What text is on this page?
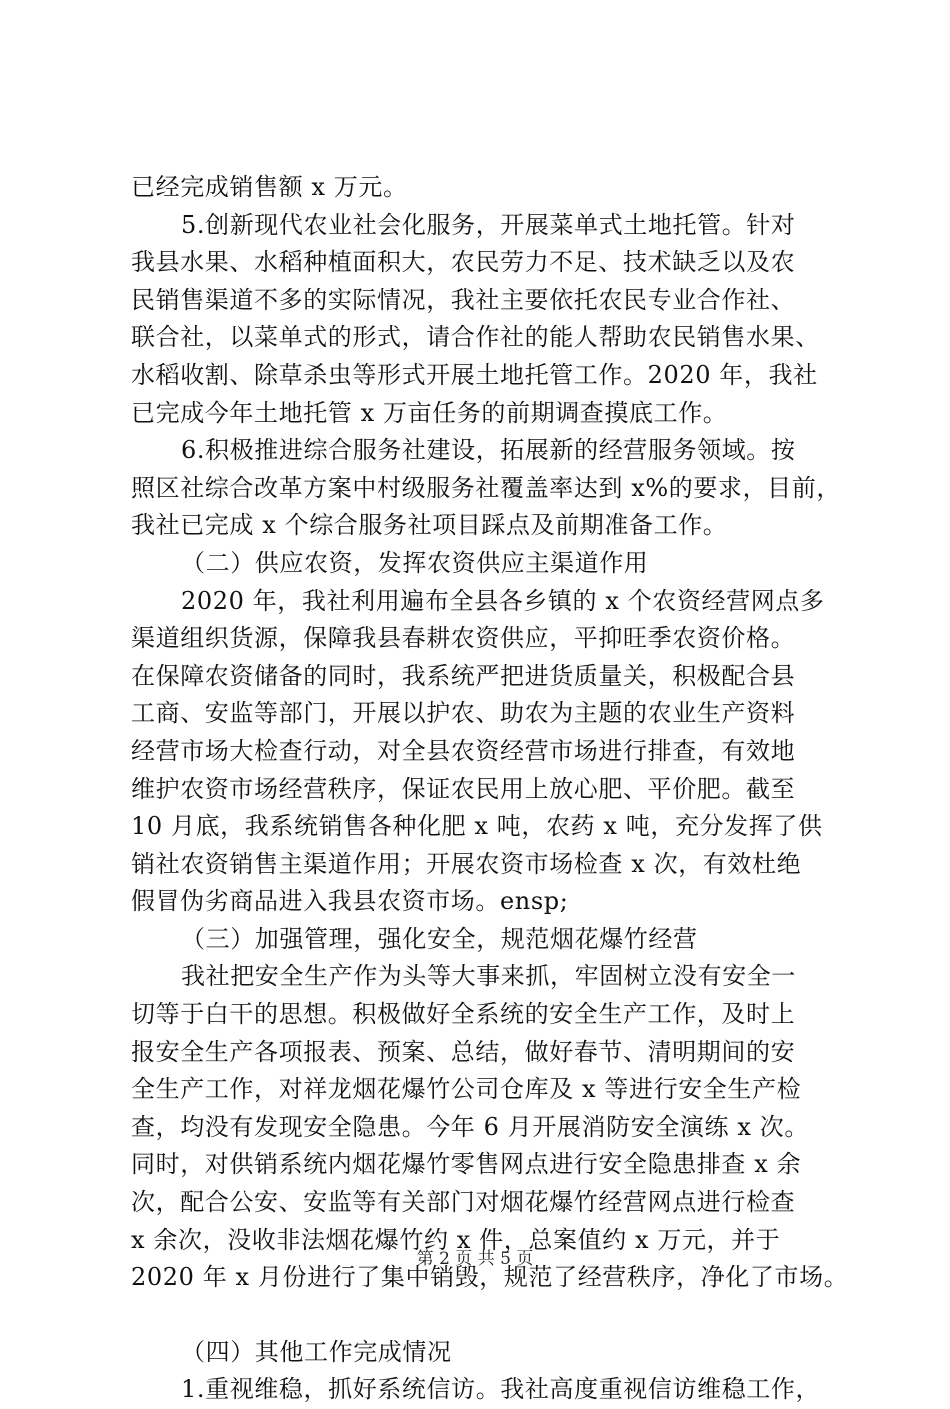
已经完成销售额 x 万元。
5.创新现代农业社会化服务，开展菜单式土地托管。针对
我县水果、水稻种植面积大，农民劳力不足、技术缺乏以及农
民销售渠道不多的实际情况，我社主要依托农民专业合作社、
联合社，以菜单式的形式，请合作社的能人帮助农民销售水果、
水稻收割、除草杀虫等形式开展土地托管工作。2020 年，我社
已完成今年土地托管 x 万亩任务的前期调查摸底工作。
6.积极推进综合服务社建设，拓展新的经营服务领域。按
照区社综合改革方案中村级服务社覆盖率达到 x%的要求，目前，
我社已完成 x 个综合服务社项目踩点及前期准备工作。
（二）供应农资，发挥农资供应主渠道作用
2020 年，我社利用遍布全县各乡镇的 x 个农资经营网点多
渠道组织货源，保障我县春耕农资供应，平抑旺季农资价格。
在保障农资储备的同时，我系统严把进货质量关，积极配合县
工商、安监等部门，开展以护农、助农为主题的农业生产资料
经营市场大检查行动，对全县农资经营市场进行排查，有效地
维护农资市场经营秩序，保证农民用上放心肥、平价肥。截至
10 月底，我系统销售各种化肥 x 吨，农药 x 吨，充分发挥了供
销社农资销售主渠道作用；开展农资市场检查 x 次，有效杜绝
假冒伪劣商品进入我县农资市场。ensp;
（三）加强管理，强化安全，规范烟花爆竹经营
我社把安全生产作为头等大事来抓，牢固树立没有安全一
切等于白干的思想。积极做好全系统的安全生产工作，及时上
报安全生产各项报表、预案、总结，做好春节、清明期间的安
全生产工作，对祥龙烟花爆竹公司仓库及 x 等进行安全生产检
查，均没有发现安全隐患。今年 6 月开展消防安全演练 x 次。
同时，对供销系统内烟花爆竹零售网点进行安全隐患排查 x 余
次，配合公安、安监等有关部门对烟花爆竹经营网点进行检查
x 余次，没收非法烟花爆竹约 x 件，总案值约 x 万元，并于
2020 年 x 月份进行了集中销毁，规范了经营秩序，净化了市场。
（四）其他工作完成情况
1.重视维稳，抓好系统信访。我社高度重视信访维稳工作，
第 2 页 共 5 页
